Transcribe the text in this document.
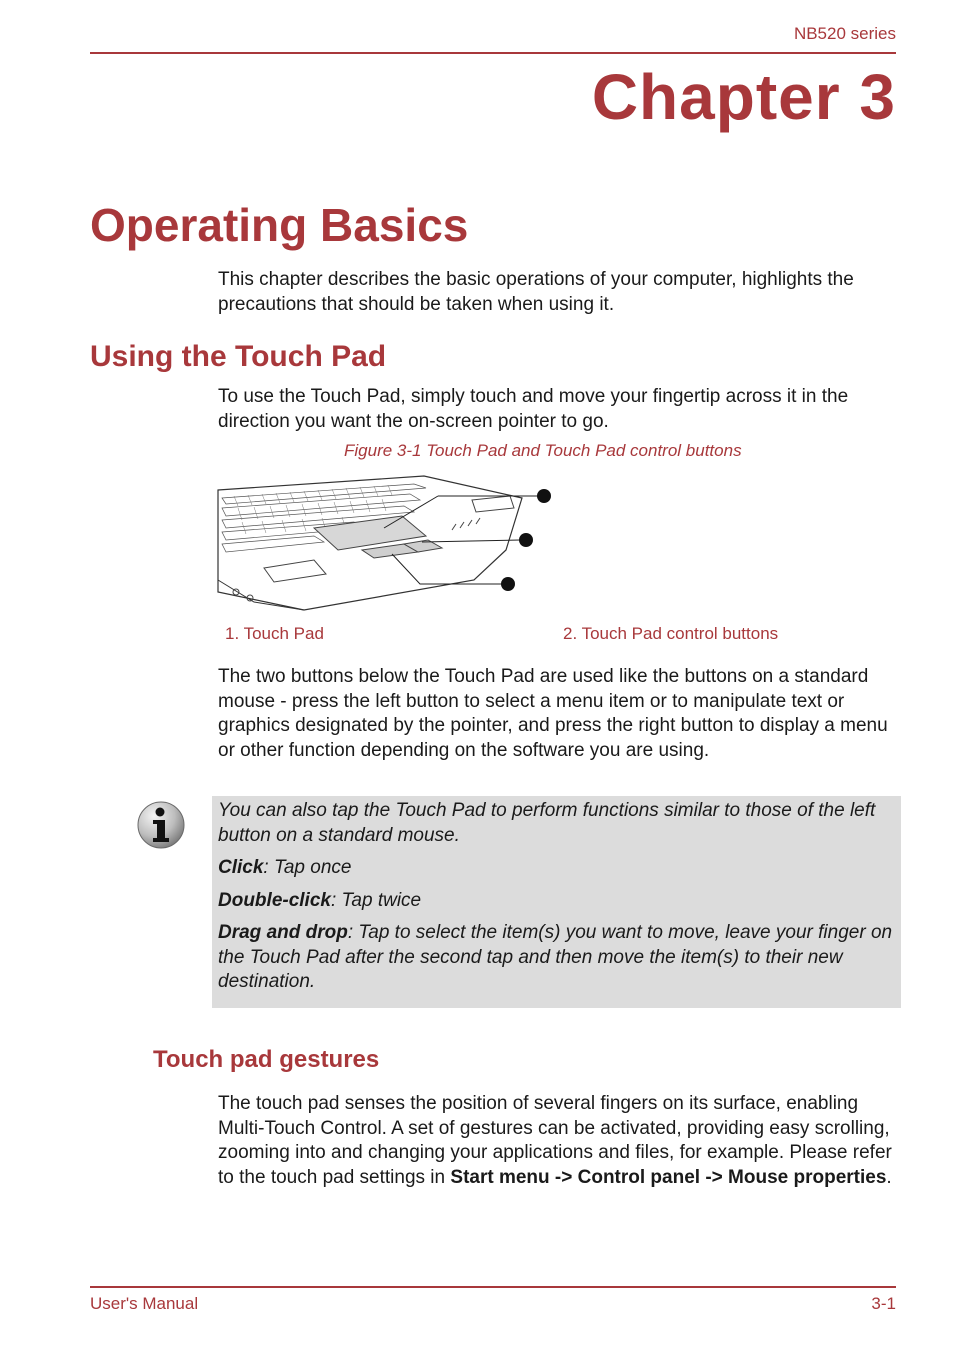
NB520 series
Chapter 3
Operating Basics
This chapter describes the basic operations of your computer, highlights the precautions that should be taken when using it.
Using the Touch Pad
To use the Touch Pad, simply touch and move your fingertip across it in the direction you want the on-screen pointer to go.
Figure 3-1 Touch Pad and Touch Pad control buttons
1. Touch Pad	2. Touch Pad control buttons
The two buttons below the Touch Pad are used like the buttons on a standard mouse - press the left button to select a menu item or to manipulate text or graphics designated by the pointer, and press the right button to display a menu or other function depending on the software you are using.
You can also tap the Touch Pad to perform functions similar to those of the left button on a standard mouse.
Click: Tap once
Double-click: Tap twice
Drag and drop: Tap to select the item(s) you want to move, leave your finger on the Touch Pad after the second tap and then move the item(s) to their new destination.
Touch pad gestures
The touch pad senses the position of several fingers on its surface, enabling Multi-Touch Control. A set of gestures can be activated, providing easy scrolling, zooming into and changing your applications and files, for example. Please refer to the touch pad settings in Start menu -> Control panel -> Mouse properties.
User's Manual	3-1
